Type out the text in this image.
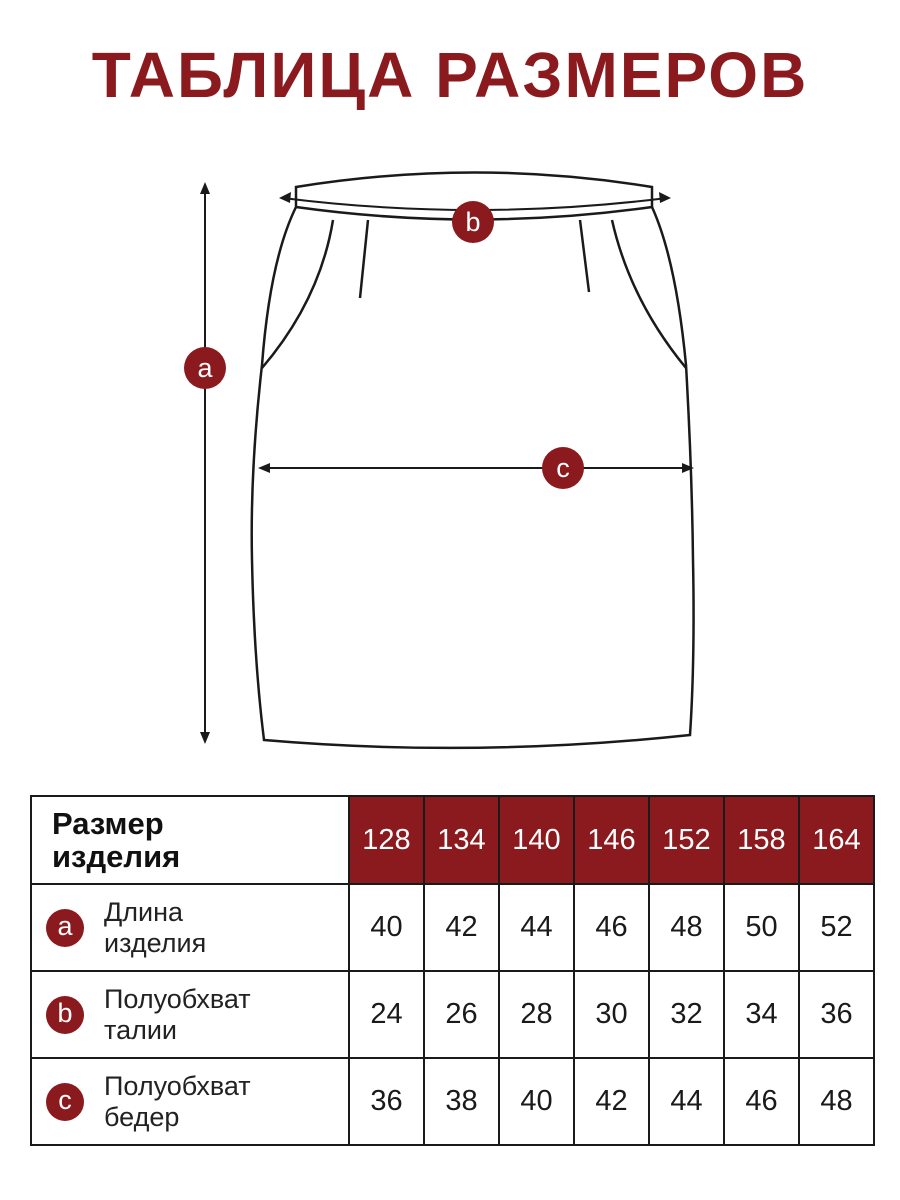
ТАБЛИЦА РАЗМЕРОВ
a
b
c
Размер
изделия	128	134	140	146	152	158	164

a Длина
изделия	40	42	44	46	48	50	52

b Полуобхват
талии	24	26	28	30	32	34	36

c Полуобхват
бедер	36	38	40	42	44	46	48
